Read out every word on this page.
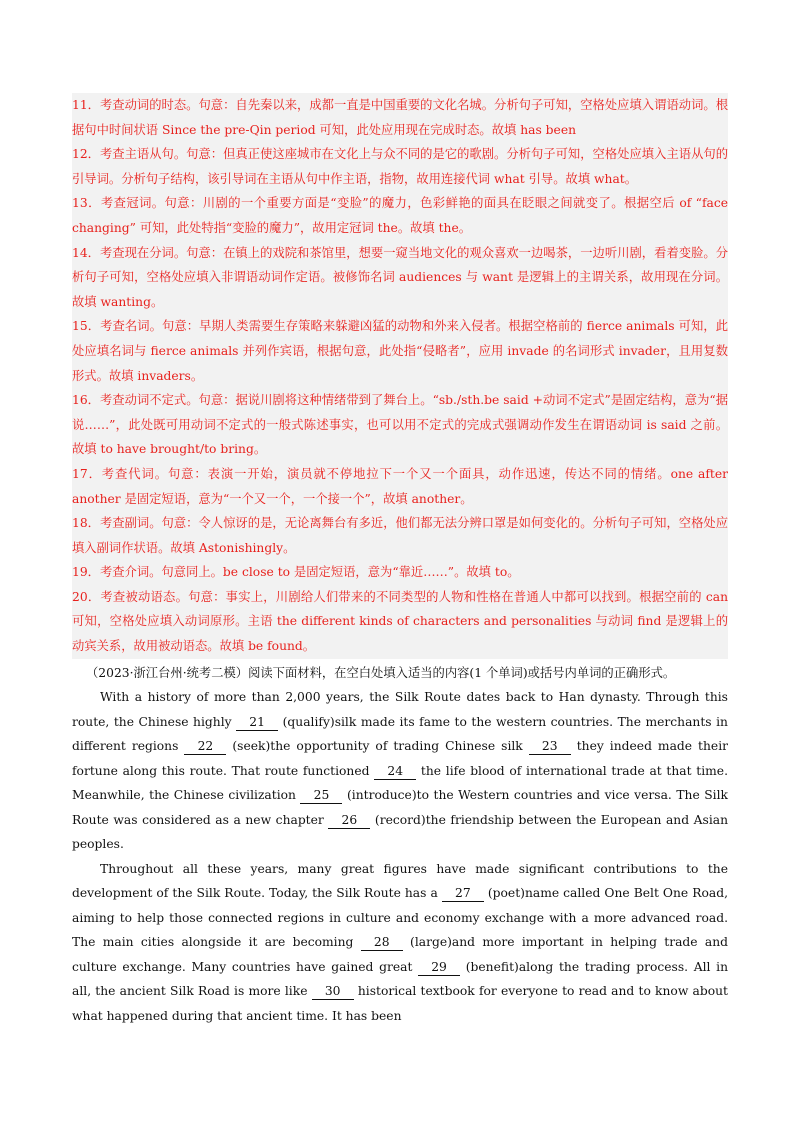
11．考查动词的时态。句意：自先秦以来，成都一直是中国重要的文化名城。分析句子可知，空格处应填入谓语动词。根据句中时间状语 Since the pre-Qin period 可知，此处应用现在完成时态。故填 has been

12．考查主语从句。句意：但真正使这座城市在文化上与众不同的是它的歌剧。分析句子可知，空格处应填入主语从句的引导词。分析句子结构，该引导词在主语从句中作主语，指物，故用连接代词 what 引导。故填 what。

13．考查冠词。句意：川剧的一个重要方面是“变脸”的魔力，色彩鲜艳的面具在眨眼之间就变了。根据空后 of “face changing” 可知，此处特指“变脸的魔力”，故用定冠词 the。故填 the。

14．考查现在分词。句意：在镇上的戏院和茶馆里，想要一窥当地文化的观众喜欢一边喝茶，一边听川剧，看着变脸。分析句子可知，空格处应填入非谓语动词作定语。被修饰名词 audiences 与 want 是逻辑上的主谓关系，故用现在分词。故填 wanting。

15．考查名词。句意：早期人类需要生存策略来躲避凶猛的动物和外来入侵者。根据空格前的 fierce animals 可知，此处应填名词与 fierce animals 并列作宾语，根据句意，此处指“侵略者”，应用 invade 的名词形式 invader，且用复数形式。故填 invaders。

16．考查动词不定式。句意：据说川剧将这种情绪带到了舞台上。“sb./sth.be said +动词不定式”是固定结构，意为“据说……”，此处既可用动词不定式的一般式陈述事实，也可以用不定式的完成式强调动作发生在谓语动词 is said 之前。故填 to have brought/to bring。

17．考查代词。句意：表演一开始，演员就不停地拉下一个又一个面具，动作迅速，传达不同的情绪。one after another 是固定短语，意为“一个又一个，一个接一个”，故填 another。

18．考查副词。句意：令人惊讶的是，无论离舞台有多近，他们都无法分辨口罩是如何变化的。分析句子可知，空格处应填入副词作状语。故填 Astonishingly。

19．考查介词。句意同上。be close to 是固定短语，意为“靠近……”。故填 to。

20．考查被动语态。句意：事实上，川剧给人们带来的不同类型的人物和性格在普通人中都可以找到。根据空前的 can 可知，空格处应填入动词原形。主语 the different kinds of characters and personalities 与动词 find 是逻辑上的动宾关系，故用被动语态。故填 be found。

（2023·浙江台州·统考二模）阅读下面材料，在空白处填入适当的内容(1 个单词)或括号内单词的正确形式。

With a history of more than 2,000 years, the Silk Route dates back to Han dynasty. Through this route, the Chinese highly 21 (qualify)silk made its fame to the western countries. The merchants in different regions 22 (seek)the opportunity of trading Chinese silk 23 they indeed made their fortune along this route. That route functioned 24 the life blood of international trade at that time. Meanwhile, the Chinese civilization 25 (introduce)to the Western countries and vice versa. The Silk Route was considered as a new chapter 26 (record)the friendship between the European and Asian peoples.

Throughout all these years, many great figures have made significant contributions to the development of the Silk Route. Today, the Silk Route has a 27 (poet)name called One Belt One Road, aiming to help those connected regions in culture and economy exchange with a more advanced road. The main cities alongside it are becoming 28 (large)and more important in helping trade and culture exchange. Many countries have gained great 29 (benefit)along the trading process. All in all, the ancient Silk Road is more like 30 historical textbook for everyone to read and to know about what happened during that ancient time. It has been
